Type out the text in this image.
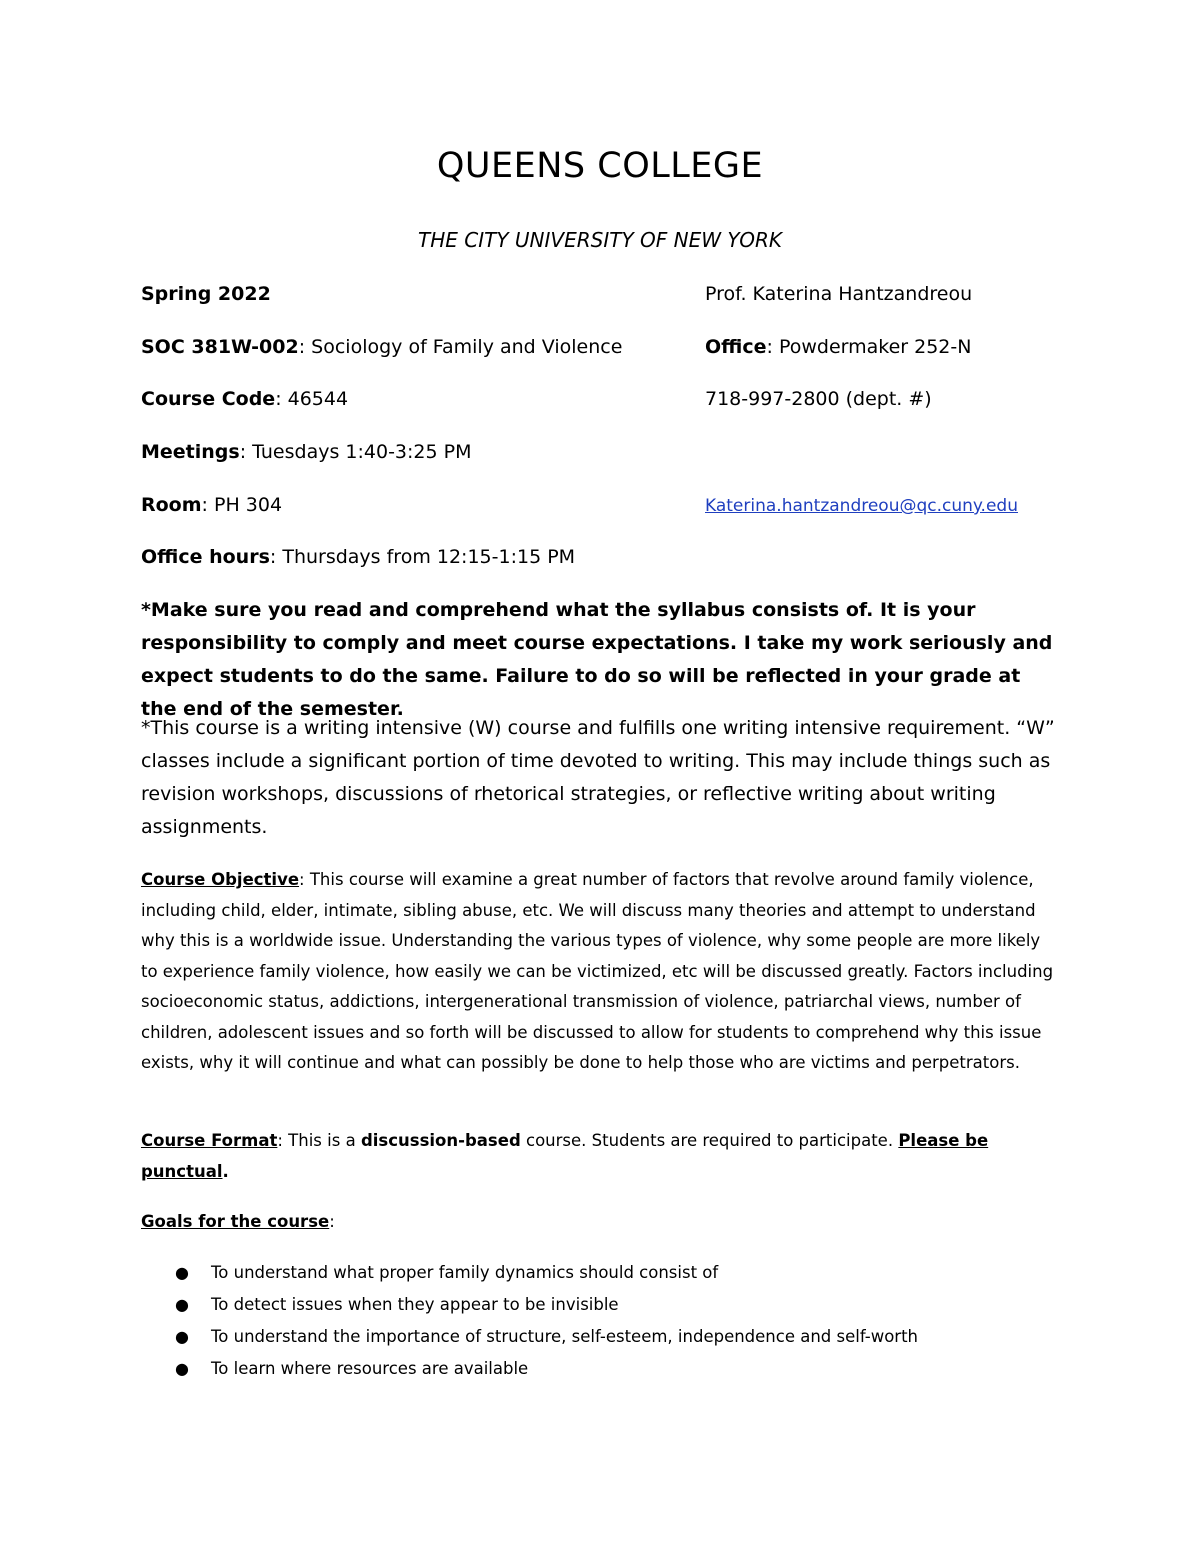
QUEENS COLLEGE
THE CITY UNIVERSITY OF NEW YORK
Spring 2022
SOC 381W-002: Sociology of Family and Violence
Course Code: 46544
Meetings: Tuesdays 1:40-3:25 PM
Room: PH 304
Office hours: Thursdays from 12:15-1:15 PM
Prof. Katerina Hantzandreou
Office: Powdermaker 252-N
718-997-2800 (dept. #)
Katerina.hantzandreou@qc.cuny.edu
*Make sure you read and comprehend what the syllabus consists of. It is your responsibility to comply and meet course expectations. I take my work seriously and expect students to do the same. Failure to do so will be reflected in your grade at the end of the semester.
*This course is a writing intensive (W) course and fulfills one writing intensive requirement. “W” classes include a significant portion of time devoted to writing. This may include things such as revision workshops, discussions of rhetorical strategies, or reflective writing about writing assignments.
Course Objective: This course will examine a great number of factors that revolve around family violence, including child, elder, intimate, sibling abuse, etc. We will discuss many theories and attempt to understand why this is a worldwide issue. Understanding the various types of violence, why some people are more likely to experience family violence, how easily we can be victimized, etc will be discussed greatly. Factors including socioeconomic status, addictions, intergenerational transmission of violence, patriarchal views, number of children, adolescent issues and so forth will be discussed to allow for students to comprehend why this issue exists, why it will continue and what can possibly be done to help those who are victims and perpetrators.
Course Format: This is a discussion-based course. Students are required to participate. Please be punctual.
Goals for the course:
● To understand what proper family dynamics should consist of
● To detect issues when they appear to be invisible
● To understand the importance of structure, self-esteem, independence and self-worth
● To learn where resources are available
